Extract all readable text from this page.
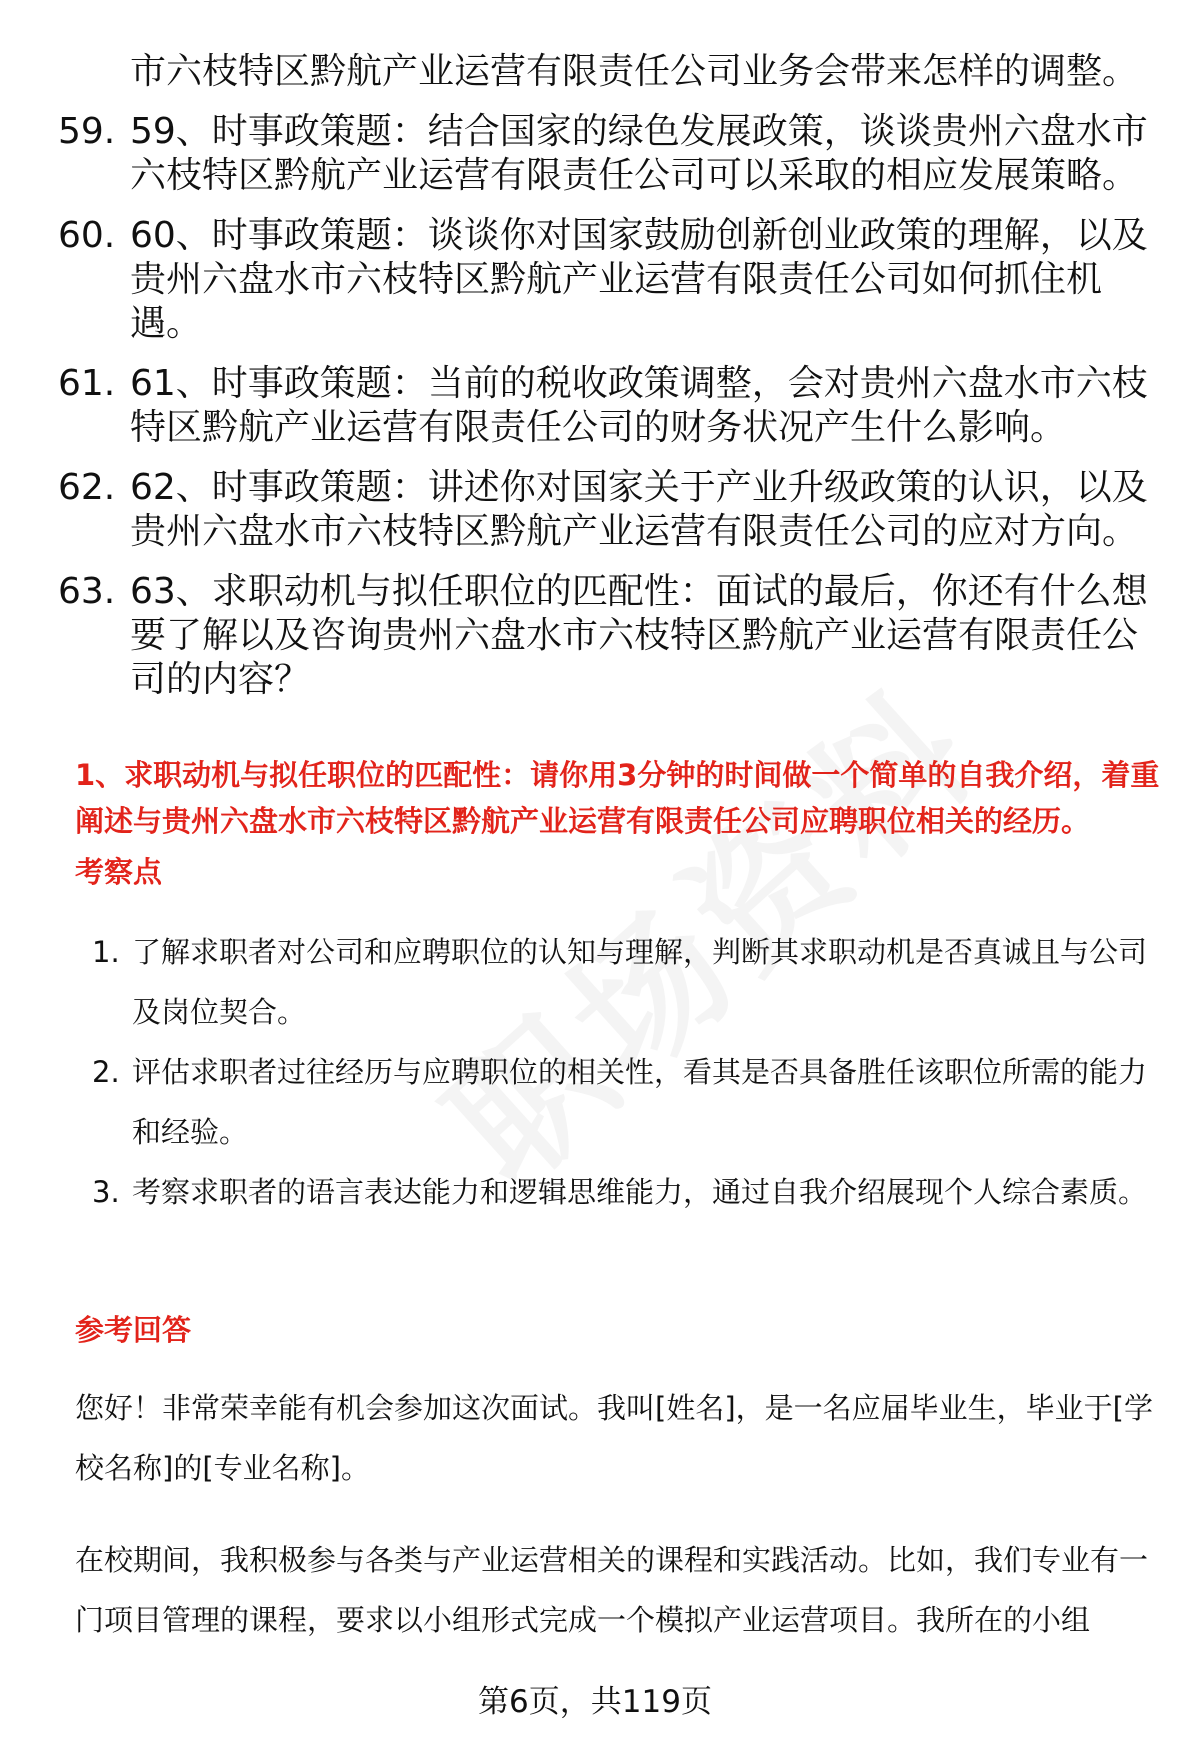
市六枝特区黔航产业运营有限责任公司业务会带来怎样的调整。
59. 59、时事政策题：结合国家的绿色发展政策，谈谈贵州六盘水市六枝特区黔航产业运营有限责任公司可以采取的相应发展策略。
60. 60、时事政策题：谈谈你对国家鼓励创新创业政策的理解，以及贵州六盘水市六枝特区黔航产业运营有限责任公司如何抓住机遇。
61. 61、时事政策题：当前的税收政策调整，会对贵州六盘水市六枝特区黔航产业运营有限责任公司的财务状况产生什么影响。
62. 62、时事政策题：讲述你对国家关于产业升级政策的认识，以及贵州六盘水市六枝特区黔航产业运营有限责任公司的应对方向。
63. 63、求职动机与拟任职位的匹配性：面试的最后，你还有什么想要了解以及咨询贵州六盘水市六枝特区黔航产业运营有限责任公司的内容？
1、求职动机与拟任职位的匹配性：请你用3分钟的时间做一个简单的自我介绍，着重阐述与贵州六盘水市六枝特区黔航产业运营有限责任公司应聘职位相关的经历。
考察点
1. 了解求职者对公司和应聘职位的认知与理解，判断其求职动机是否真诚且与公司及岗位契合。
2. 评估求职者过往经历与应聘职位的相关性，看其是否具备胜任该职位所需的能力和经验。
3. 考察求职者的语言表达能力和逻辑思维能力，通过自我介绍展现个人综合素质。
参考回答
您好！非常荣幸能有机会参加这次面试。我叫[姓名]，是一名应届毕业生，毕业于[学校名称]的[专业名称]。
在校期间，我积极参与各类与产业运营相关的课程和实践活动。比如，我们专业有一门项目管理的课程，要求以小组形式完成一个模拟产业运营项目。我所在的小组
第6页，共119页
